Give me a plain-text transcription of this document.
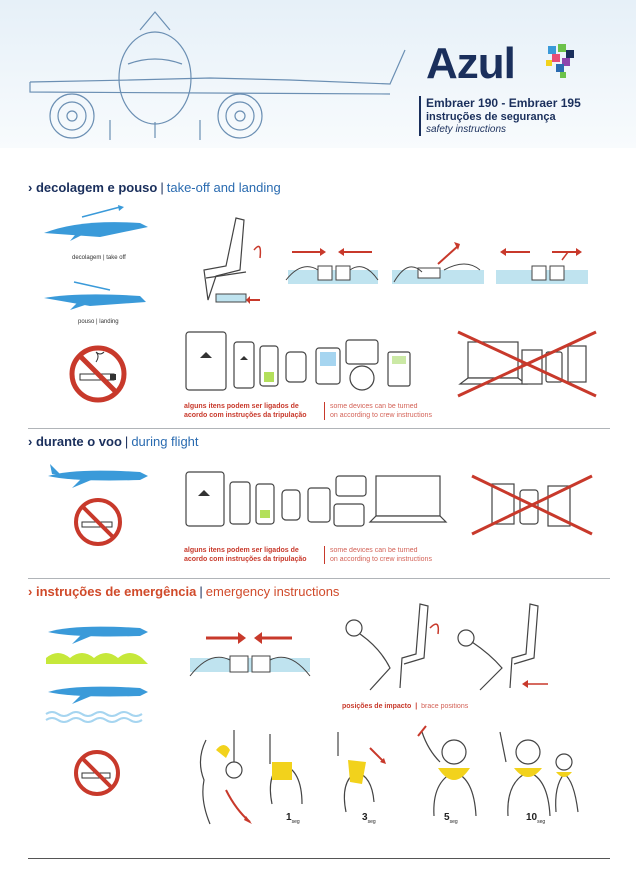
Azul
Embraer 190 - Embraer 195
instruções de segurança
safety instructions
› decolagem e pouso | take-off and landing
decolagem | take off
pouso | landing
alguns itens podem ser ligados de
acordo com instruções da tripulação
some devices can be turned
on according to crew instructions
› durante o voo | during flight
alguns itens podem ser ligados de
acordo com instruções da tripulação
some devices can be turned
on according to crew instructions
› instruções de emergência | emergency instructions
posições de impacto | brace positions
$1_{seg}$	$3_{seg}$	$5_{seg}$	$10_{seg}$
